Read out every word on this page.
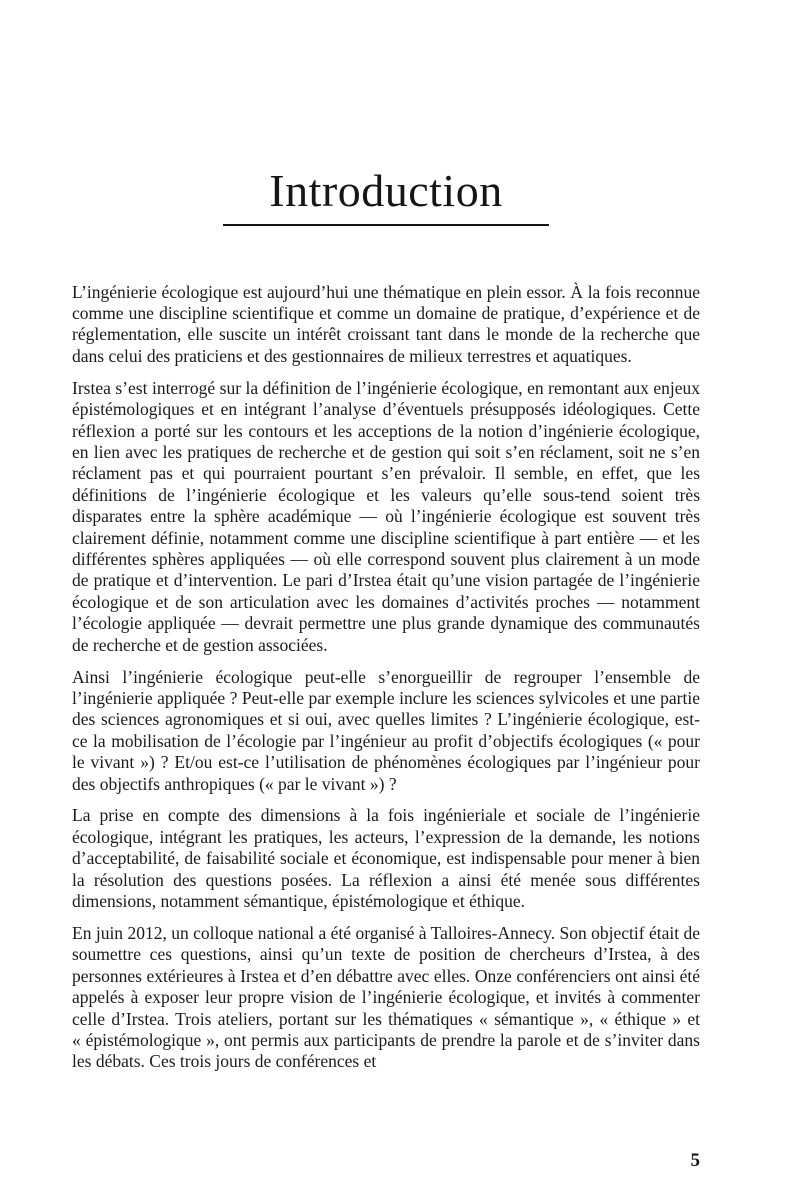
Introduction

L’ingénierie écologique est aujourd’hui une thématique en plein essor. À la fois reconnue comme une discipline scientifique et comme un domaine de pratique, d’expérience et de réglementation, elle suscite un intérêt croissant tant dans le monde de la recherche que dans celui des praticiens et des gestionnaires de milieux terrestres et aquatiques.

Irstea s’est interrogé sur la définition de l’ingénierie écologique, en remontant aux enjeux épistémologiques et en intégrant l’analyse d’éventuels présupposés idéologiques. Cette réflexion a porté sur les contours et les acceptions de la notion d’ingénierie écologique, en lien avec les pratiques de recherche et de gestion qui soit s’en réclament, soit ne s’en réclament pas et qui pourraient pourtant s’en prévaloir. Il semble, en effet, que les définitions de l’ingénierie écologique et les valeurs qu’elle sous-tend soient très disparates entre la sphère académique — où l’ingénierie écologique est souvent très clairement définie, notamment comme une discipline scientifique à part entière — et les différentes sphères appliquées — où elle correspond souvent plus clairement à un mode de pratique et d’intervention. Le pari d’Irstea était qu’une vision partagée de l’ingénierie écologique et de son articulation avec les domaines d’activités proches — notamment l’écologie appliquée — devrait permettre une plus grande dynamique des communautés de recherche et de gestion associées.

Ainsi l’ingénierie écologique peut-elle s’enorgueillir de regrouper l’ensemble de l’ingénierie appliquée ? Peut-elle par exemple inclure les sciences sylvicoles et une partie des sciences agronomiques et si oui, avec quelles limites ? L’ingénierie écologique, est-ce la mobilisation de l’écologie par l’ingénieur au profit d’objectifs écologiques (« pour le vivant ») ? Et/ou est-ce l’utilisation de phénomènes écologiques par l’ingénieur pour des objectifs anthropiques (« par le vivant ») ?

La prise en compte des dimensions à la fois ingénieriale et sociale de l’ingénierie écologique, intégrant les pratiques, les acteurs, l’expression de la demande, les notions d’acceptabilité, de faisabilité sociale et économique, est indispensable pour mener à bien la résolution des questions posées. La réflexion a ainsi été menée sous différentes dimensions, notamment sémantique, épistémologique et éthique.

En juin 2012, un colloque national a été organisé à Talloires-Annecy. Son objectif était de soumettre ces questions, ainsi qu’un texte de position de chercheurs d’Irstea, à des personnes extérieures à Irstea et d’en débattre avec elles. Onze conférenciers ont ainsi été appelés à exposer leur propre vision de l’ingénierie écologique, et invités à commenter celle d’Irstea. Trois ateliers, portant sur les thématiques « sémantique », « éthique » et « épistémologique », ont permis aux participants de prendre la parole et de s’inviter dans les débats. Ces trois jours de conférences et

5
